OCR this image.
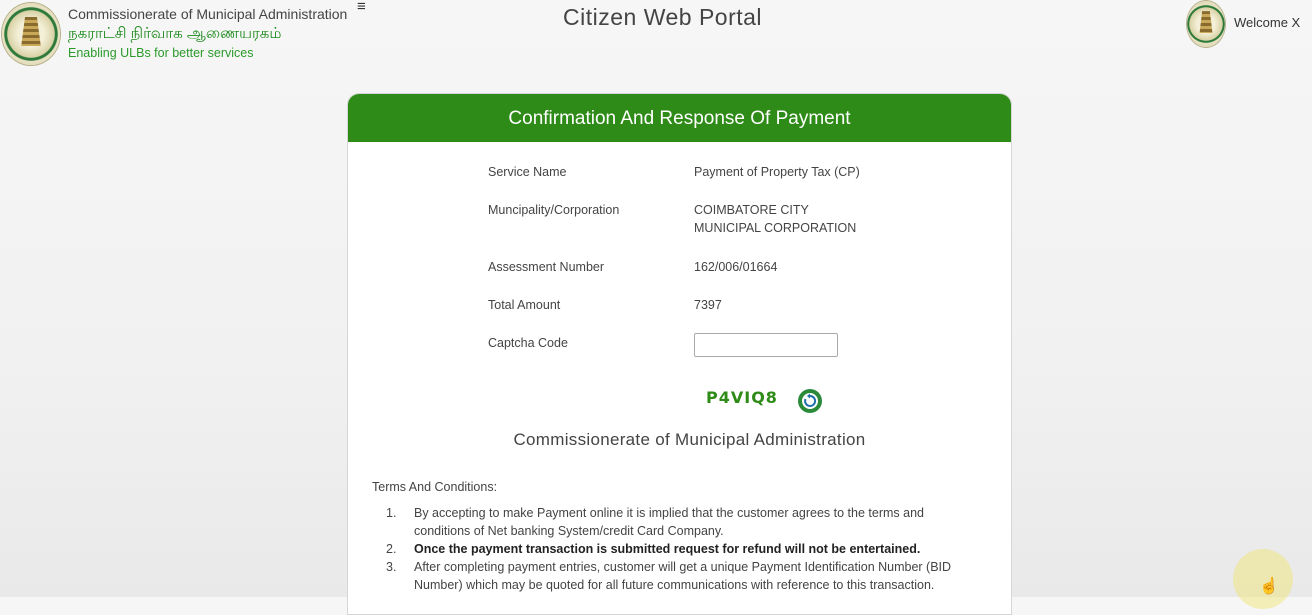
Commissionerate of Municipal Administration
நகராட்சி நிர்வாக ஆணையரகம்
Enabling ULBs for better services
≡	Citizen Web Portal	Welcome X
Confirmation And Response Of Payment
Service Name	Payment of Property Tax (CP)
Muncipality/Corporation	COIMBATORE CITY
MUNICIPAL CORPORATION
Assessment Number	162/006/01664
Total Amount	7397
Captcha Code
P4VIQ8
Commissionerate of Municipal Administration
Terms And Conditions:
1. By accepting to make Payment online it is implied that the customer agrees to the terms and conditions of Net banking System/credit Card Company.
2. Once the payment transaction is submitted request for refund will not be entertained.
3. After completing payment entries, customer will get a unique Payment Identification Number (BID Number) which may be quoted for all future communications with reference to this transaction.	☝
